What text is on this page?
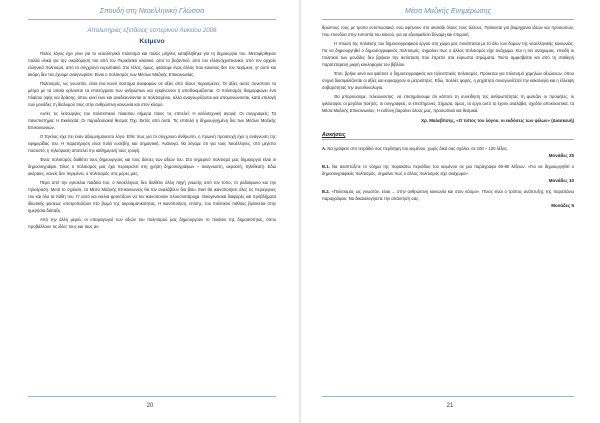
Σπουδή στη Νεοελληνική Γλώσσα
Απολυτήριες εξετάσεις εσπερινού Λυκείου 2006
Κείμενο

Πολύς λόγος έχει γίνει για το νεοελληνικό πολιτισμό και πολύς μόχθος καταβλήθηκε για τη δημιουργία του. Μεταφέρθηκαν πολλά υλικά για την οικοδόμησή του από τον Περικλεϊκό κλασικό, από το βυζαντινό, από τον ελληνοχριστιανικό, από τον αρχαίο ελληνικό πολιτισμό, από το σύγχρονο ευρωπαϊκό. Στο τέλος, όμως, φτάσαμε ένας άλλος που κανένας δεν τον περίμενε, γι' αυτό και ακόμη δεν τον έχουμε αναγνωρίσει. Είναι ο πολιτισμός των Μέσων Μαζικής Επικοινωνίας.

Πολιτισμός, ως γνωστόν, είναι ένα κοινό σύστημα αναφορών σε αξίες από όλους περασμένες. Οι αξίες αυτές συνιστούν τα μέτρα με τα οποία κρίνονται τα επιτεύγματα των ανθρώπων και εγκρίνονται ή αποδοκιμάζονται. Ο πολιτισμός διαμορφώνει ένα πλαίσιο (ιφής και δράσης, όπου κινεί έων και αναδεικνύονται οι πολιτισμένοι, αλλά αναγνωρίζονται και απομονώνονται, κατά επιλογή των μονάδες τη διαλυμού τους στην ανθρώπινη κοινωνία και στον κόσμο.

Αυτές τις λειτουργίες του πολιτιστικού πλαισίου σήμερα ποιος τις επιτελεί; Η καλλιτεχνική αγορά; Οι συγγραφείς; Τα πανεπιστήμια; Η Εκκλησία; Οι παραδοσιακοί θεσμοί; Όχι. Εκτός από αυτά. Τις επιτελεί η δημιουργημένη δια των Μέσων Μαζικής Επικοινωνιών.

Ο Έγελος είχε πει έναν αξιομνημόνευτο λόγο. Είπε πως για το σύγχρονο άνθρωπο, η πρωινή προσευχή έχει η ανάγνωση της εφημερίδας του. Η παρατήρηση είναι πολύ ευσεβής και σημαντική. Ανάλογα, θα λέγαμε ότι για τους Νεοέλληνες, στο μέγιστο ποσοστό, η τηλεόραση αποτελεί την καθημερινή τους τροφή.

Ένας πολιτισμός διαθέτει τους δημιουργούς και τους δέκτες των αξιών του. Στο σημερινό πολιτισμό μας δημιουργοί είναι οι δημοσιογράφοι. Όλος ο πολιτισμός μας έχει περιοριστεί στη χρήση δημοσιογράφων – αναγνωστη, ακροατή, τηλεθεατή. Εδώ ακέραιες, κανείς δεν περιμένει, ο πολιτισμός στις μέρες μας.

Πέρα από την εγκύκλια παιδεία του, ο Νεοέλληνας δεν διαθέτει άλλη πηγή γνώσης από τον τύπο, το ραδιόφωνο και την τηλεόραση. Μετά το σχολείο, τα Μέσα Μαζικής Επικοινωνίας θα τον αναλάβουν δια βίου. Εκεί θα ικανοποιήσει όλες τις περιέργειες του και όλα τα πάθη του. Γι' αυτό και εκείνα φροντίζουν να τον ικανοποιούν πλουσιοπάροχα. Οικογενειακά διαφορές και προβλήματα ιδιωτικής φύσεως υποτροπιάζουν στο βωμό της ακροαματικότητας. Η ικανοποίηση, επίσης, του πολιτικού πάθους βρίσκεται στην ημερήσια διάταξη.

Από την άλλη μεριά, οι υπαραγωγοί των αξιών του πολιτισμού μας δημιουργούν το πλαίσιο της δημοσιότητας, όπου προβάλλουν τις ιδέες τους και τους αν-

20
Μέσα Μαζικής Ενημέρωσης

θρώπους τους με τρόπο εντυπωσιακό, ενώ αφήνουν στο σκοτάδι όλους τους άλλους. Πρόκειται για βιομηχανία ιδεών και προσώπων, που επενδύει στην ευπιστία του κοινού, για να εξασφαλίσει δύναμη και επιρροή.

Η πτώση της πολιτικής του δημοσιογραφικού έργου στη χώρα μας συνάπτεται με το όλο των δομών της νεοελληνικής κοινωνίας. Για να δημιουργηθεί ο δημοσιογραφικός πολιτισμός, σημαίνει πως ο άλλος πολιτισμός είχε ανάχωμα. Και η τον αναχωμας, επειδή οι πολιτικοί των μονάδες δεν βρήκαν την αντίσταση που έπρεπε στα εύρωστα στρώματα. Τούτο αμφισβείται και από τη σταθερή παρατεταμένη μικρή κυκλοφορία του βιβλίου.

Έτσι, βρήκε κενό και φαύτισε ο δημοσιογραφικός και τηλεοπτικός πολιτισμός. Πρόκειται για πολιτισμό χαμηλών αξιώσεων, όπου συχνά διασφαλίζονται οι αξίες και κυριαρχούν οι μετριότητες. Εδώ, πολλές φορές, η ρηχότητα συναγωνίζεται την κακολογία και η έλλειψη σοβαρότητας την ανευθυνολογία.

Θα μπορούσαμε, τελειώνοντας, να επισημάνουμε ότι κάποτε τη συνείδηση της ανθρωπότητας τη φώτιζαν οι προφήτες, οι φιλόσοφοι, οι μεγάλοι ποιητές, οι συγγραφείς, οι επιστήμονες. Σήμερα, όμως, το έργο αυτό το έχουν αναλάβει, σχεδόν αποκλειστικά, τα Μέσα Μαζικής Επικοινωνίας. Η ευθύνη βαραίνει όλους μας, προσωπικά και θεσμικά.

Χρ. Μαλεβίτσης, «Ο τύπος του λόγου, οι εκδόσεις των φίλων» (Διασκευή)
Ασκήσεις
Α. Να γράψετε στο τετράδιό σας περίληψη του κειμένου, χωρίς δικά σας σχόλια, σε 100 – 120 λέξεις.
Μονάδες 25
Β.1. Να αναπτύξετε το νόημα της παρακάτω περιόδου του κειμένου σε μια παράγραφο 60-80 λέξεων: «Για να δημιουργηθεί ο δημοσιογραφικός πολιτισμός, σημαίνει πως ο άλλος πολιτισμός είχε ανάχωμα».
Μονάδες 10
Β.2. «Πολιτισμός ως γνωστόν, είναι ... στην ανθρώπινη κοινωνία και στον κόσμο». Ποιος είναι ο τρόπος ανάπτυξης της παραπάνω παραγράφου; Να δικαιολογήσετε την απάντησή σας.
Μονάδες 5
21
